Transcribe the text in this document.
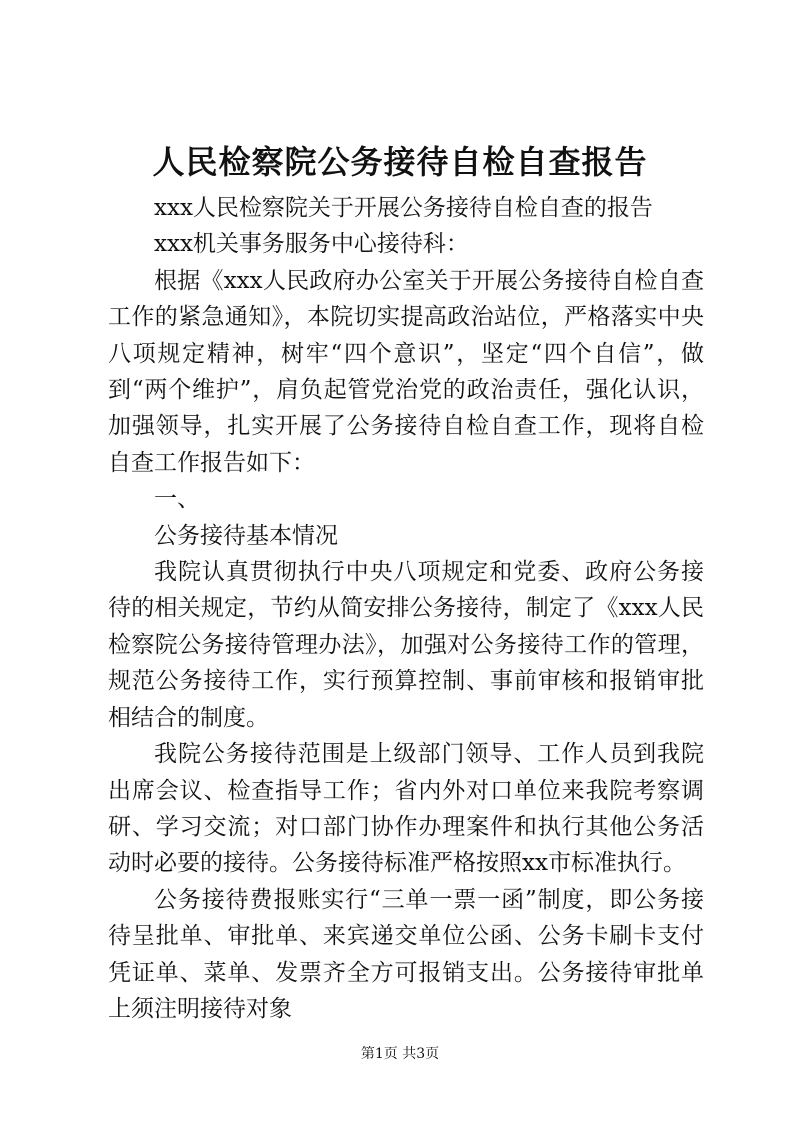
人民检察院公务接待自检自查报告

xxx人民检察院关于开展公务接待自检自查的报告

xxx机关事务服务中心接待科：

根据《xxx人民政府办公室关于开展公务接待自检自查工作的紧急通知》，本院切实提高政治站位，严格落实中央八项规定精神，树牢“四个意识”，坚定“四个自信”，做到“两个维护”，肩负起管党治党的政治责任，强化认识，加强领导，扎实开展了公务接待自检自查工作，现将自检自查工作报告如下：

一、

公务接待基本情况

我院认真贯彻执行中央八项规定和党委、政府公务接待的相关规定，节约从简安排公务接待，制定了《xxx人民检察院公务接待管理办法》，加强对公务接待工作的管理，规范公务接待工作，实行预算控制、事前审核和报销审批相结合的制度。

我院公务接待范围是上级部门领导、工作人员到我院出席会议、检查指导工作；省内外对口单位来我院考察调研、学习交流；对口部门协作办理案件和执行其他公务活动时必要的接待。公务接待标准严格按照xx市标准执行。

公务接待费报账实行“三单一票一函”制度，即公务接待呈批单、审批单、来宾递交单位公函、公务卡刷卡支付凭证单、菜单、发票齐全方可报销支出。公务接待审批单上须注明接待对象

第1页 共3页
